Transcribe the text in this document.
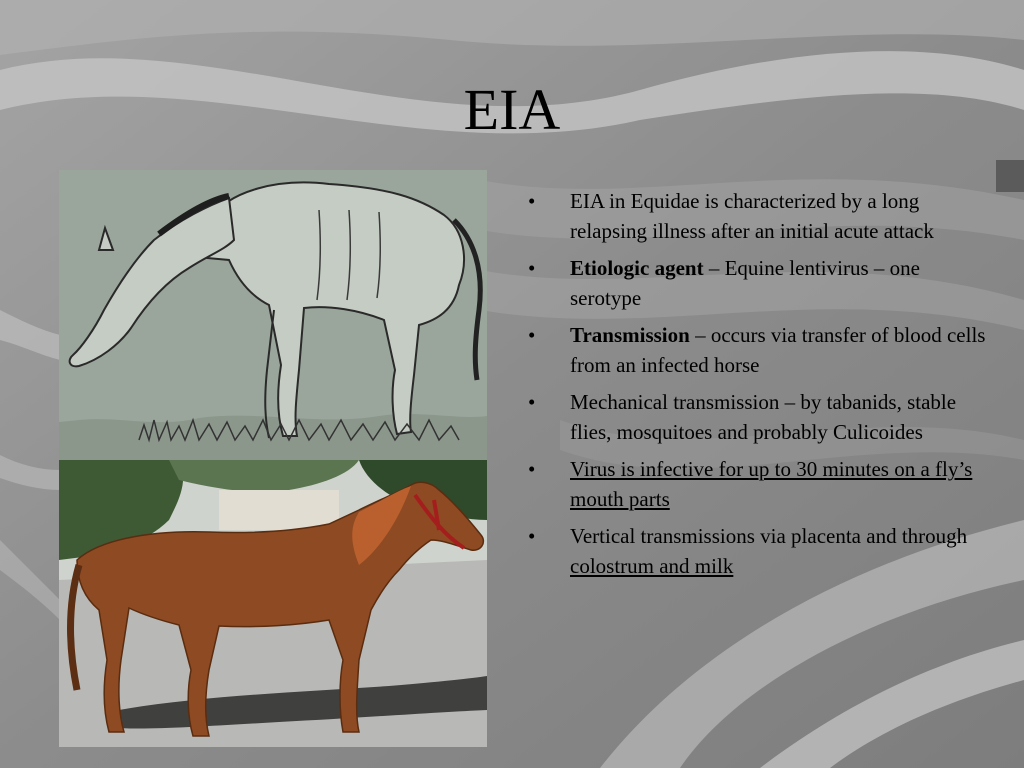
EIA
• EIA in Equidae is characterized by a long relapsing illness after an initial acute attack
• Etiologic agent – Equine lentivirus – one serotype
• Transmission – occurs via transfer of blood cells from an infected horse
• Mechanical transmission – by tabanids, stable flies, mosquitoes and probably Culicoides
• Virus is infective for up to 30 minutes on a fly’s mouth parts
• Vertical transmissions via placenta and through colostrum and milk
